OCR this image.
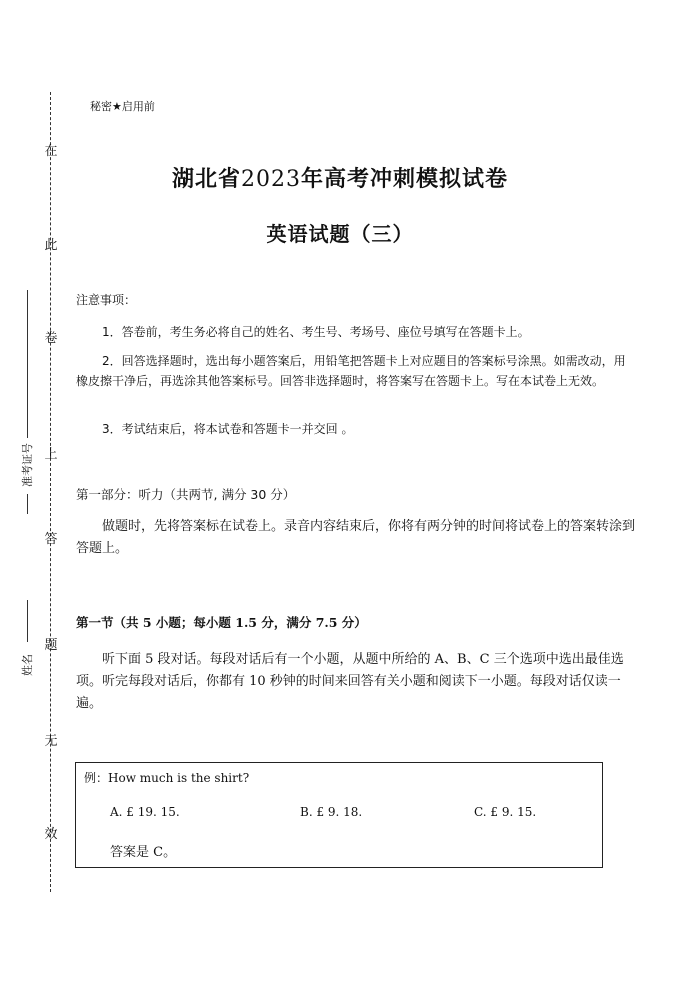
在
此
卷
上
答
题
无
效
准考证号
姓名
秘密★启用前
湖北省2023年高考冲刺模拟试卷
英语试题（三）
注意事项：
1．答卷前，考生务必将自己的姓名、考生号、考场号、座位号填写在答题卡上。
2．回答选择题时，选出每小题答案后，用铅笔把答题卡上对应题目的答案标号涂黑。如需改动，用橡皮擦干净后，再选涂其他答案标号。回答非选择题时，将答案写在答题卡上。写在本试卷上无效。
3．考试结束后，将本试卷和答题卡一并交回 。
第一部分：听力（共两节, 满分 30 分）
做题时，先将答案标在试卷上。录音内容结束后，你将有两分钟的时间将试卷上的答案转涂到答题上。
第一节（共 5 小题；每小题 1.5 分，满分 7.5 分）
听下面 5 段对话。每段对话后有一个小题，从题中所给的 A、B、C 三个选项中选出最佳选项。听完每段对话后，你都有 10 秒钟的时间来回答有关小题和阅读下一小题。每段对话仅读一遍。
例：How much is the shirt?
A. £ 19. 15.	B. £ 9. 18.	C. £ 9. 15.
答案是 C。
